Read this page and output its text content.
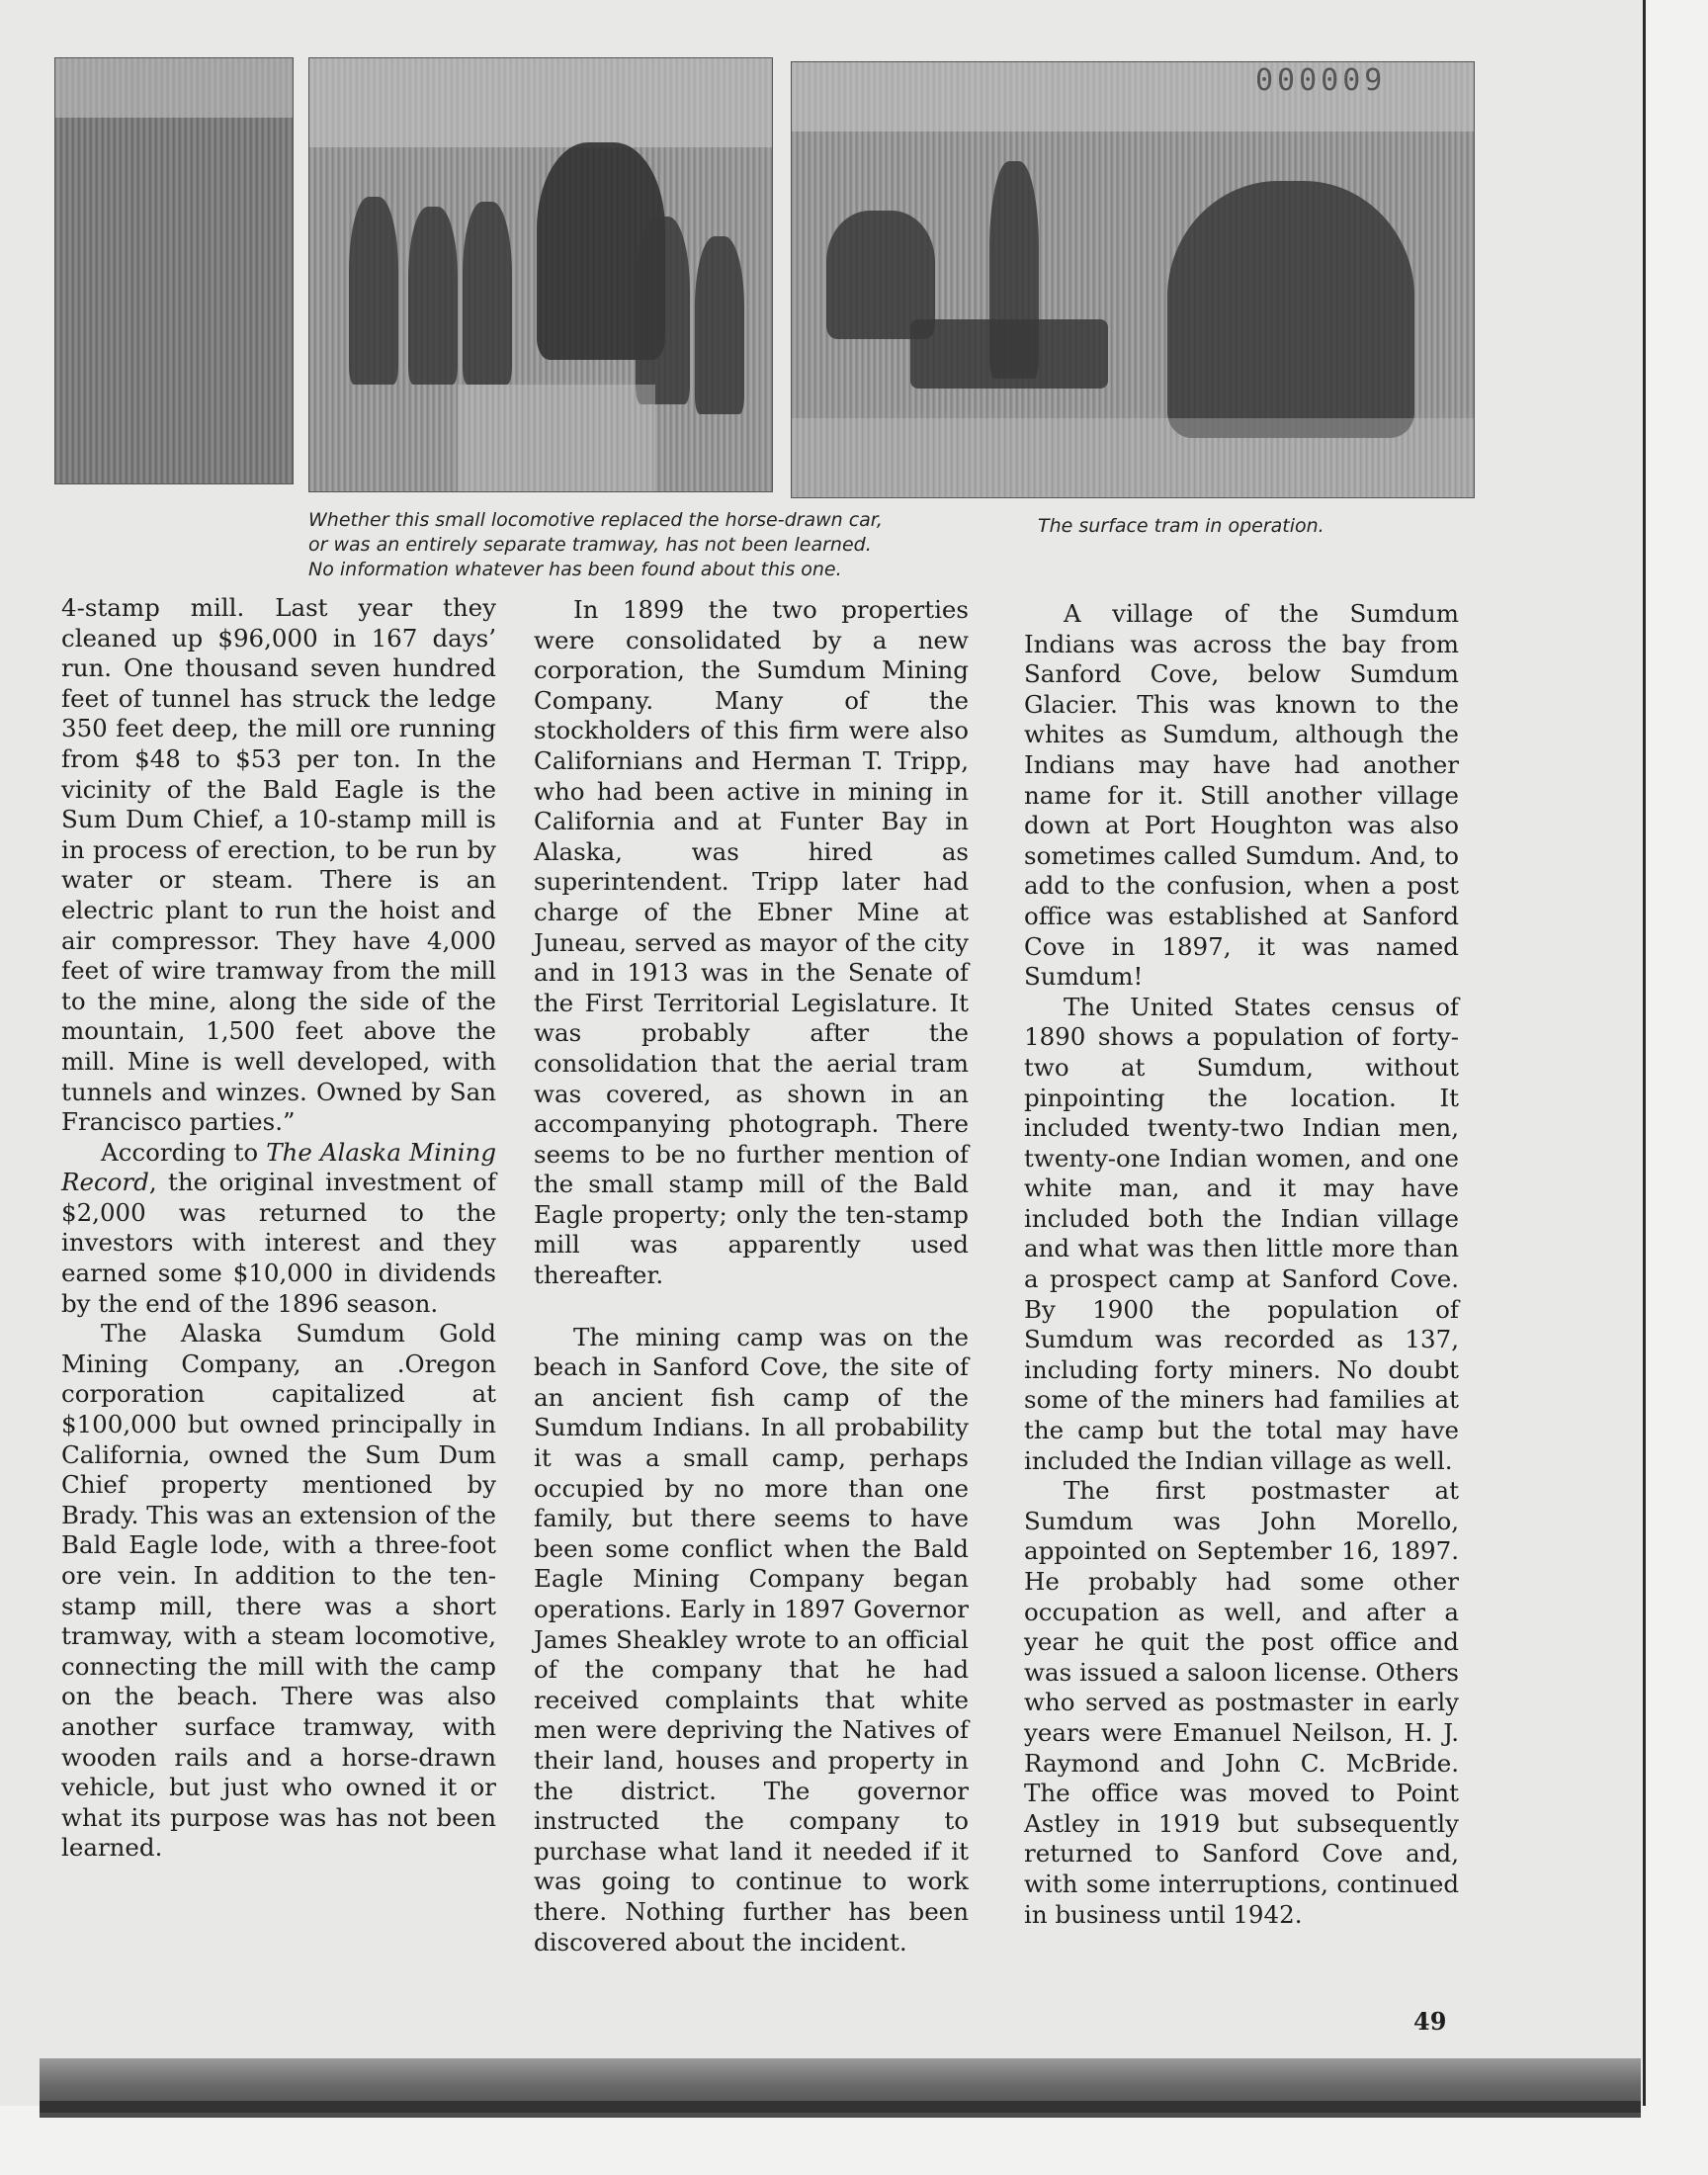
000009
Whether this small locomotive replaced the horse-drawn car,
or was an entirely separate tramway, has not been learned.
No information whatever has been found about this one.
The surface tram in operation.

4-stamp mill. Last year they cleaned up $96,000 in 167 days’ run. One thousand seven hundred feet of tunnel has struck the ledge 350 feet deep, the mill ore running from $48 to $53 per ton. In the vicinity of the Bald Eagle is the Sum Dum Chief, a 10-stamp mill is in process of erection, to be run by water or steam. There is an electric plant to run the hoist and air compressor. They have 4,000 feet of wire tramway from the mill to the mine, along the side of the mountain, 1,500 feet above the mill. Mine is well developed, with tunnels and winzes. Owned by San Francisco parties.”

According to The Alaska Mining Record, the original investment of $2,000 was returned to the investors with interest and they earned some $10,000 in dividends by the end of the 1896 season.

The Alaska Sumdum Gold Mining Company, an .Oregon corporation capitalized at $100,000 but owned principally in California, owned the Sum Dum Chief property mentioned by Brady. This was an extension of the Bald Eagle lode, with a three-foot ore vein. In addition to the ten-stamp mill, there was a short tramway, with a steam locomotive, connecting the mill with the camp on the beach. There was also another surface tramway, with wooden rails and a horse-drawn vehicle, but just who owned it or what its purpose was has not been learned.

In 1899 the two properties were consolidated by a new corporation, the Sumdum Mining Company. Many of the stockholders of this firm were also Californians and Herman T. Tripp, who had been active in mining in California and at Funter Bay in Alaska, was hired as superintendent. Tripp later had charge of the Ebner Mine at Juneau, served as mayor of the city and in 1913 was in the Senate of the First Territorial Legislature. It was probably after the consolidation that the aerial tram was covered, as shown in an accompanying photograph. There seems to be no further mention of the small stamp mill of the Bald Eagle property; only the ten-stamp mill was apparently used thereafter.

The mining camp was on the beach in Sanford Cove, the site of an ancient fish camp of the Sumdum Indians. In all probability it was a small camp, perhaps occupied by no more than one family, but there seems to have been some conflict when the Bald Eagle Mining Company began operations. Early in 1897 Governor James Sheakley wrote to an official of the company that he had received complaints that white men were depriving the Natives of their land, houses and property in the district. The governor instructed the company to purchase what land it needed if it was going to continue to work there. Nothing further has been discovered about the incident.

A village of the Sumdum Indians was across the bay from Sanford Cove, below Sumdum Glacier. This was known to the whites as Sumdum, although the Indians may have had another name for it. Still another village down at Port Houghton was also sometimes called Sumdum. And, to add to the confusion, when a post office was established at Sanford Cove in 1897, it was named Sumdum!

The United States census of 1890 shows a population of forty-two at Sumdum, without pinpointing the location. It included twenty-two Indian men, twenty-one Indian women, and one white man, and it may have included both the Indian village and what was then little more than a prospect camp at Sanford Cove. By 1900 the population of Sumdum was recorded as 137, including forty miners. No doubt some of the miners had families at the camp but the total may have included the Indian village as well.

The first postmaster at Sumdum was John Morello, appointed on September 16, 1897. He probably had some other occupation as well, and after a year he quit the post office and was issued a saloon license. Others who served as postmaster in early years were Emanuel Neilson, H. J. Raymond and John C. McBride. The office was moved to Point Astley in 1919 but subsequently returned to Sanford Cove and, with some interruptions, continued in business until 1942.

49
